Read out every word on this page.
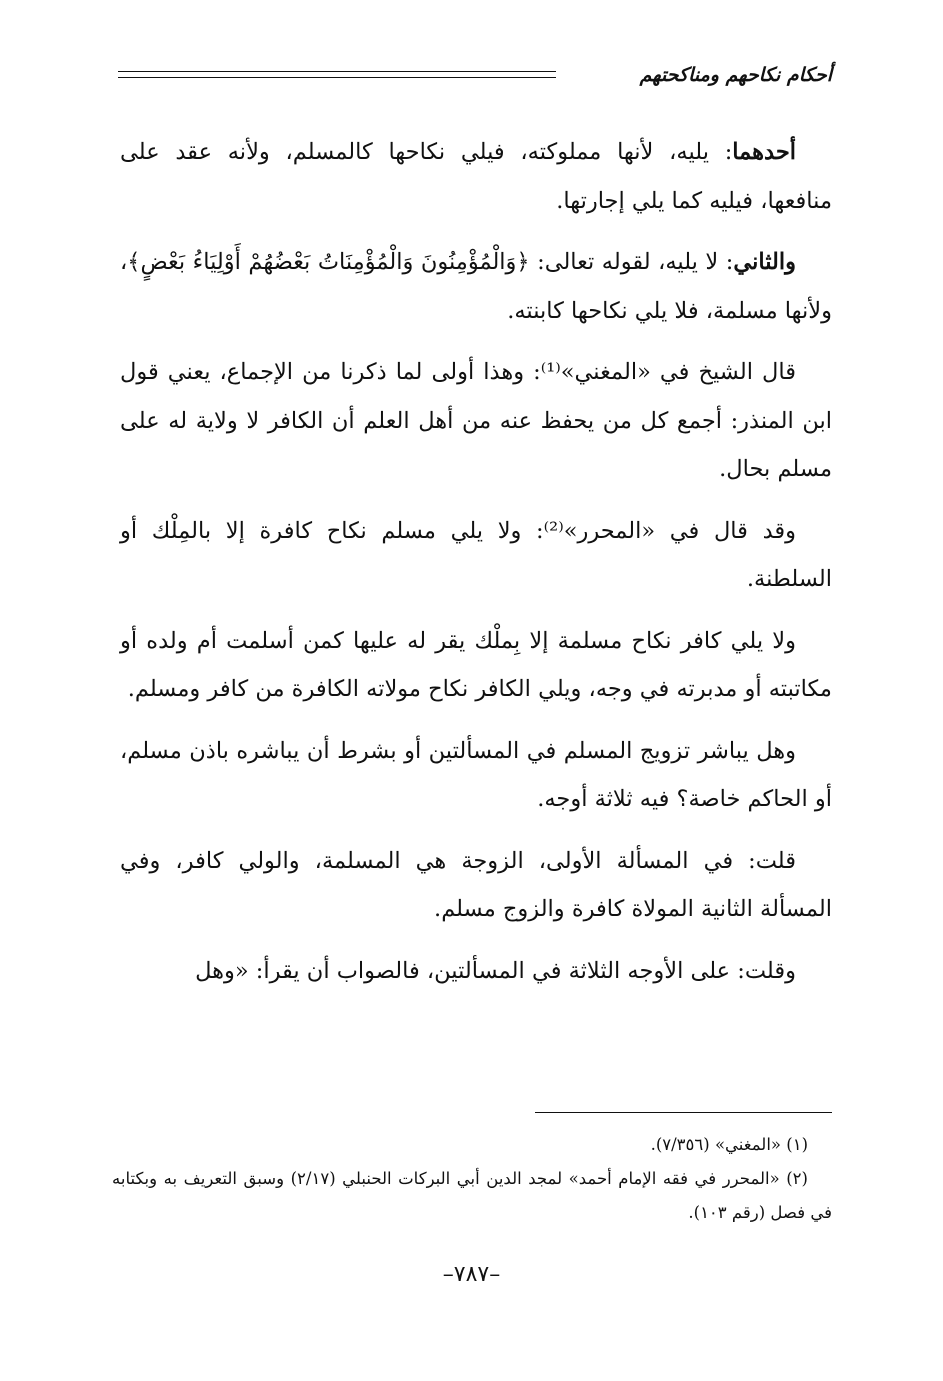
أحكام نكاحهم ومناكحتهم

أحدهما: يليه، لأنها مملوكته، فيلي نكاحها كالمسلم، ولأنه عقد على منافعها، فيليه كما يلي إجارتها.

والثاني: لا يليه، لقوله تعالى: ﴿وَالْمُؤْمِنُونَ وَالْمُؤْمِنَاتُ بَعْضُهُمْ أَوْلِيَاءُ بَعْضٍ﴾، ولأنها مسلمة، فلا يلي نكاحها كابنته.

قال الشيخ في «المغني»⁽¹⁾: وهذا أولى لما ذكرنا من الإجماع، يعني قول ابن المنذر: أجمع كل من يحفظ عنه من أهل العلم أن الكافر لا ولاية له على مسلم بحال.

وقد قال في «المحرر»⁽²⁾: ولا يلي مسلم نكاح كافرة إلا بالمِلْك أو السلطنة.

ولا يلي كافر نكاح مسلمة إلا بِملْك يقر له عليها كمن أسلمت أم ولده أو مكاتبته أو مدبرته في وجه، ويلي الكافر نكاح مولاته الكافرة من كافر ومسلم.

وهل يباشر تزويج المسلم في المسألتين أو بشرط أن يباشره باذن مسلم، أو الحاكم خاصة؟ فيه ثلاثة أوجه.

قلت: في المسألة الأولى، الزوجة هي المسلمة، والولي كافر، وفي المسألة الثانية المولاة كافرة والزوج مسلم.

وقلت: على الأوجه الثلاثة في المسألتين، فالصواب أن يقرأ: «وهل

(١) «المغني» (٧/٣٥٦).

(٢) «المحرر في فقه الإمام أحمد» لمجد الدين أبي البركات الحنبلي (٢/١٧) وسبق التعريف به وبكتابه في فصل (رقم ١٠٣).

–٧٨٧–
